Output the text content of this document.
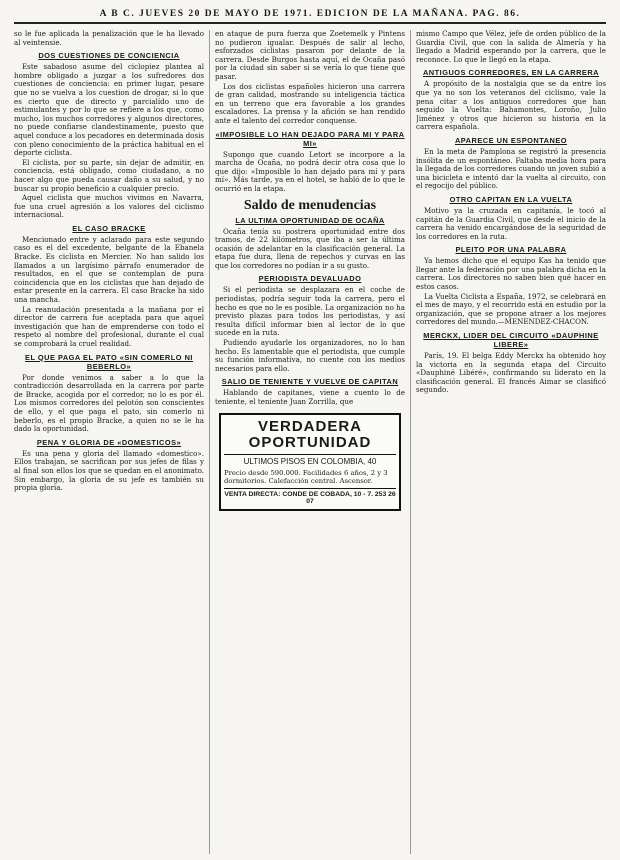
A B C. JUEVES 20 DE MAYO DE 1971. EDICION DE LA MAÑANA. PAG. 86.

so le fue aplicada la penalización que le ha llevado al veintensie.

DOS CUESTIONES DE CONCIENCIA

Este sabadoso asume del ciclopiez plantea al hombre obligado a juzgar a los sufredores dos cuestiones de conciencia: en primer lugar, pesare que no se vuelva a los cuestion de drogar, si lo que es cierto que de directo y parcialído uno de estimulantes y por lo que se refiere a los que, como mucho, los muchos corredores y algunos directores, no puede confiarse clandestinamente, puesto que aquel conduce a los pecadores en determinada dosis con pleno conocimiento de la práctica habitual en el deporte ciclista.

El ciclista, por su parte, sin dejar de admitir, en conciencia, está obligado, como ciudadano, a no hacer algo que pueda causar daño a su salud, y no buscar su propio beneficio a cualquier precio.

Aquel ciclista que muchos vivimos en Navarra, fue una cruel agresión a los valores del ciclismo internacional.

EL CASO BRACKE

Mencionado entre y aclarado para este segundo caso es el del excedente, belgante de la Ebanela Bracke. Es ciclista en Mercier. No han salido los llamados a un largísimo párrafo enumerador de resultados, en el que se contemplan de pura coincidencia que en los ciclistas que han dejado de estar presente en la carrera. El caso Bracke ha sido una mancha.

La reanudación presentada a la mañana por el director de carrera fue aceptada para que aquel investigación que han de emprenderse con todo el respeto al nombre del profesional, durante el cual se comprobará la cruel realidad.

EL QUE PAGA EL PATO «SIN COMERLO NI BEBERLO»

Por donde venimos a saber a lo que la contradicción desarrollada en la carrera por parte de Bracke, acogida por el corredor, no lo es por él. Los mismos corredores del pelotón son conscientes de ello, y el que paga el pato, sin comerlo ni beberlo, es el propio Bracke, a quien no se le ha dado la oportunidad.

PENA Y GLORIA DE «DOMESTICOS»

Es una pena y gloria del llamado «domestico». Ellos trabajan, se sacrifican por sus jefes de filas y al final son ellos los que se quedan en el anonimato. Sin embargo, la gloria de su jefe es también su propia gloria.

en ataque de pura fuerza que Zoetemelk y Pintens no pudieron igualar. Después de salir al lecho, esforzados ciclistas pasaron por delante de la carrera. Desde Burgos hasta aquí, el de Ocaña pasó por la ciudad sin saber si se vería lo que tiene que pasar.

Los dos ciclistas españoles hicieron una carrera de gran calidad, mostrando su inteligencia táctica en un terreno que era favorable a los grandes escaladores. La prensa y la afición se han rendido ante el talento del corredor conquense.

«IMPOSIBLE LO HAN DEJADO PARA MI Y PARA MI»

Supongo que cuando Letort se incorpore a la marcha de Ocaña, no podrá decir otra cosa que lo que dijo: «Imposible lo han dejado para mí y para mí». Más tarde, ya en el hotel, se habló de lo que le ocurrió en la etapa.

Saldo de menudencias
LA ULTIMA OPORTUNIDAD DE OCAÑA

Ocaña tenía su postrera oportunidad entre dos tramos, de 22 kilómetros, que iba a ser la última ocasión de adelantar en la clasificación general. La etapa fue dura, llena de repechos y curvas en las que los corredores no podían ir a su gusto.

PERIODISTA DEVALUADO

Si el periodista se desplazara en el coche de periodistas, podría seguir toda la carrera, pero el hecho es que no le es posible. La organización no ha previsto plazas para todos los periodistas, y así resulta difícil informar bien al lector de lo que sucede en la ruta.

Pudiendo ayudarle los organizadores, no lo han hecho. Es lamentable que el periodista, que cumple su función informativa, no cuente con los medios necesarios para ello.

SALIO DE TENIENTE Y VUELVE DE CAPITAN

Hablando de capitanes, viene a cuento lo de teniente, el teniente Juan Zorrilla, que

VERDADERA
OPORTUNIDAD
ULTIMOS PISOS EN COLOMBIA, 40
Precio desde 590.000. Facilidades 6 años, 2 y 3 dormitorios. Calefacción central. Ascensor.
VENTA DIRECTA: CONDE DE COBADA, 10 - 7. 253 26 07

mismo Campo que Vélez, jefe de orden público de la Guardia Civil, que con la salida de Almería y ha llegado a Madrid esperando por la carrera, que le reconoce. Lo que le llegó en la etapa.

ANTIGUOS CORREDORES, EN LA CARRERA

A propósito de la nostalgia que se da entre los que ya no son los veteranos del ciclismo, vale la pena citar a los antiguos corredores que han seguido la Vuelta: Bahamontes, Loroño, Julio Jiménez y otros que hicieron su historia en la carrera española.

APARECE UN ESPONTANEO

En la meta de Pamplona se registró la presencia insólita de un espontáneo. Faltaba media hora para la llegada de los corredores cuando un joven subió a una bicicleta e intentó dar la vuelta al circuito, con el regocijo del público.

OTRO CAPITAN EN LA VUELTA

Motivo ya la cruzada en capitanía, le tocó al capitán de la Guardia Civil, que desde el inicio de la carrera ha venido encargándose de la seguridad de los corredores en la ruta.

PLEITO POR UNA PALABRA

Ya hemos dicho que el equipo Kas ha tenido que llegar ante la federación por una palabra dicha en la carrera. Los directores no saben bien qué hacer en estos casos.

La Vuelta Ciclista a España, 1972, se celebrará en el mes de mayo, y el recorrido está en estudio por la organización, que se propone atraer a los mejores corredores del mundo.—MENENDEZ-CHACON.

MERCKX, LIDER DEL CIRCUITO «DAUPHINE LIBERE»

París, 19. El belga Eddy Merckx ha obtenido hoy la victoria en la segunda etapa del Circuito «Dauphiné Libéré», confirmando su liderato en la clasificación general. El francés Aimar se clasificó segundo.
